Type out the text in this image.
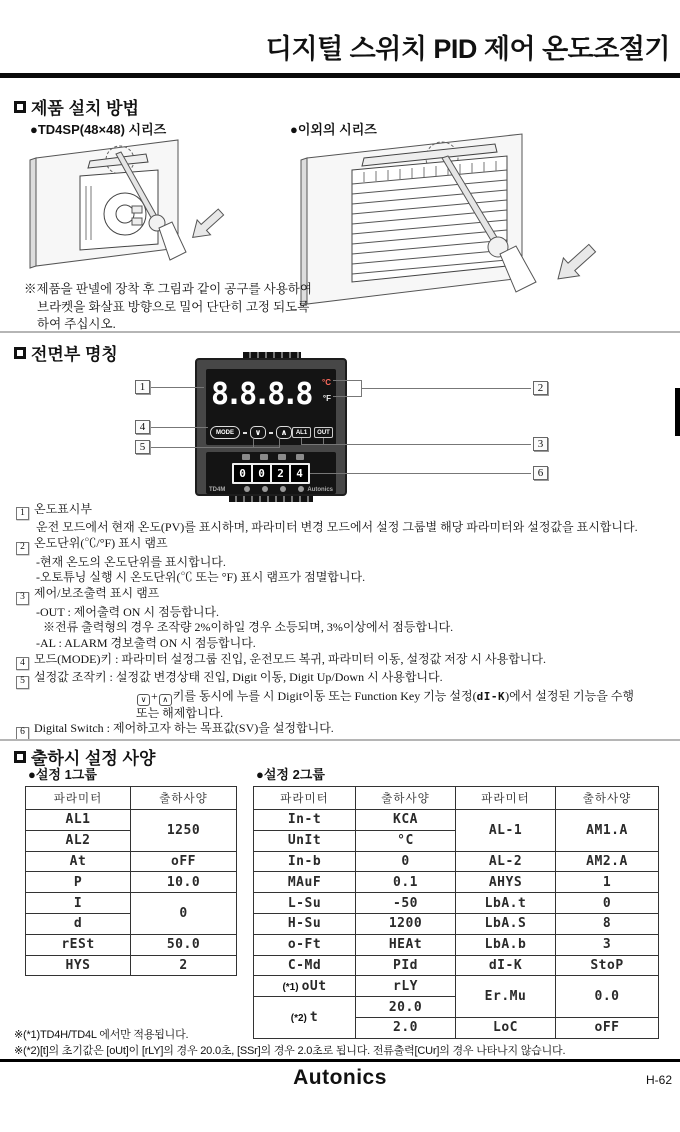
디지털 스위치 PID 제어 온도조절기
제품 설치 방법
●TD4SP(48×48) 시리즈	●이외의 시리즈
※제품을 판넬에 장착 후 그림과 같이 공구를 사용하여
브라켓을 화살표 방향으로 밀어 단단히 고정 되도록
하여 주십시오.
전면부 명칭
8.8.8.8 °C
°F
MODE	∨	∧	AL1	OUT
0	0	2	4
TD4M	Autonics
1
4
5
2
3
6
1 온도표시부
운전 모드에서 현재 온도(PV)를 표시하며, 파라미터 변경 모드에서 설정 그룹별 해당 파라미터와 설정값을 표시합니다.
2 온도단위(℃/°F) 표시 램프
-현재 온도의 온도단위를 표시합니다.
-오토튜닝 실행 시 온도단위(℃ 또는 °F) 표시 램프가 점멸합니다.
3 제어/보조출력 표시 램프
-OUT : 제어출력 ON 시 점등합니다.
※전류 출력형의 경우 조작량 2%이하일 경우 소등되며, 3%이상에서 점등합니다.
-AL : ALARM 경보출력 ON 시 점등합니다.
4 모드(MODE)키 : 파라미터 설정그룹 진입, 운전모드 복귀, 파라미터 이동, 설정값 저장 시 사용합니다.
5 설정값 조작키 : 설정값 변경상태 진입, Digit 이동, Digit Up/Down 시 사용합니다.
∨ + ∧ 키를 동시에 누를 시 Digit이동 또는 Function Key 기능 설정(dI-K)에서 설정된 기능을 수행
또는 해제합니다.
6 Digital Switch : 제어하고자 하는 목표값(SV)을 설정합니다.
출하시 설정 사양
●설정 1그룹	●설정 2그룹
파라미터	출하사양
AL1	1250
AL2	
At	oFF
P	10.0
I	0
d	
rESt	50.0
HYS	2
파라미터	출하사양	파라미터	출하사양
In-t	KCA	AL-1	AM1.A
UnIt	°C		
In-b	0	AL-2	AM2.A
MAuF	0.1	AHYS	1
L-Su	-50	LbA.t	0
H-Su	1200	LbA.S	8
o-Ft	HEAt	LbA.b	3
C-Md	PId	dI-K	StoP
(*1) oUt	rLY	Er.Mu	0.0
(*2) t	20.0		
	2.0	LoC	oFF
※(*1)TD4H/TD4L 에서만 적용됩니다.
※(*2)[t]의 초기값은 [oUt]이 [rLY]의 경우 20.0초, [SSr]의 경우 2.0초로 됩니다. 전류출력[CUr]의 경우 나타나지 않습니다.
Autonics	H-62
